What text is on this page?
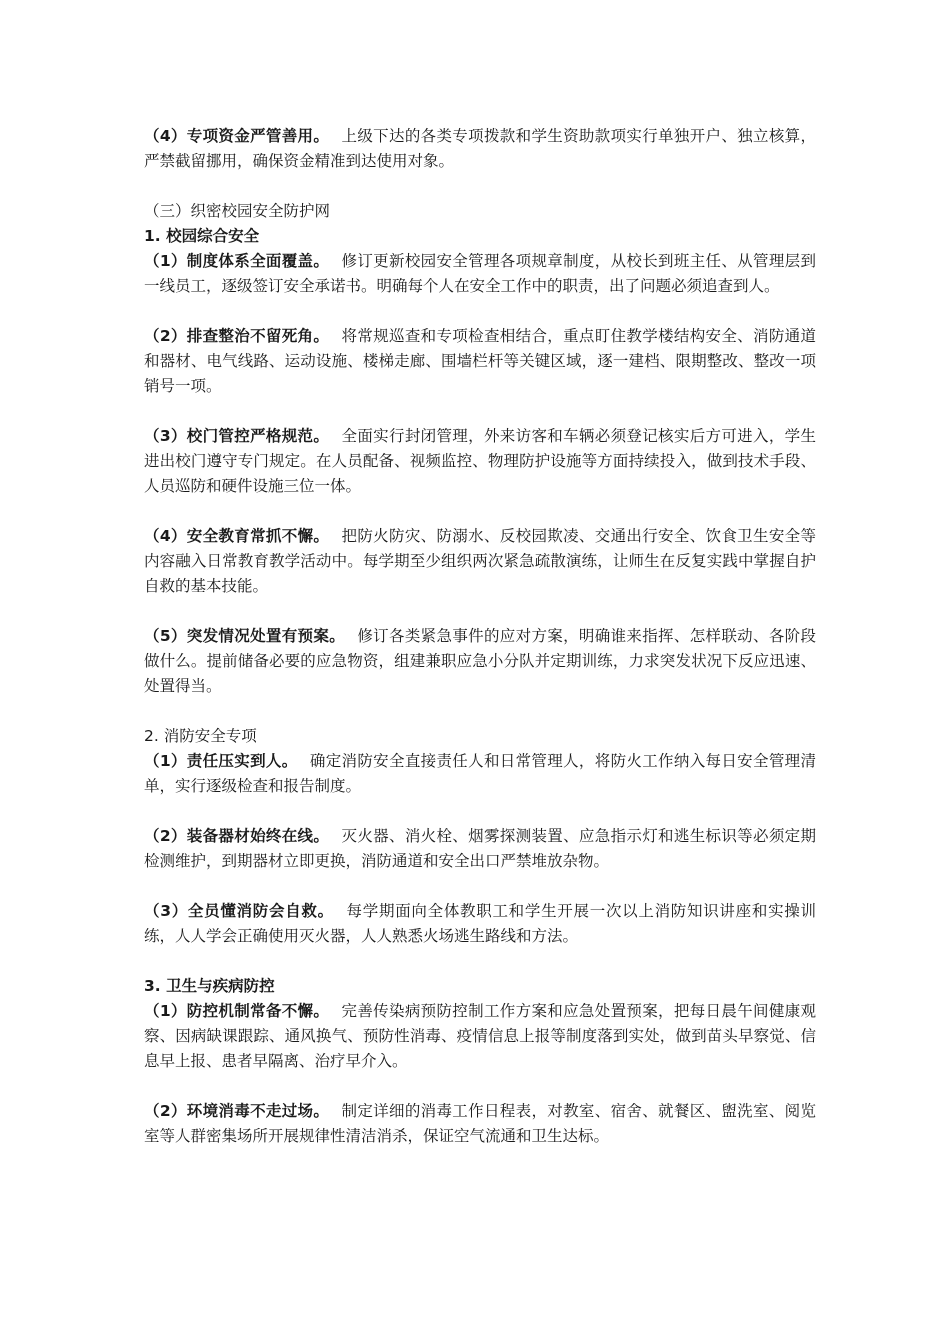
（4）专项资金严管善用。 上级下达的各类专项拨款和学生资助款项实行单独开户、独立核算，严禁截留挪用，确保资金精准到达使用对象。

（三）织密校园安全防护网

1. 校园综合安全

（1）制度体系全面覆盖。 修订更新校园安全管理各项规章制度，从校长到班主任、从管理层到一线员工，逐级签订安全承诺书。明确每个人在安全工作中的职责，出了问题必须追查到人。

（2）排查整治不留死角。 将常规巡查和专项检查相结合，重点盯住教学楼结构安全、消防通道和器材、电气线路、运动设施、楼梯走廊、围墙栏杆等关键区域，逐一建档、限期整改、整改一项销号一项。

（3）校门管控严格规范。 全面实行封闭管理，外来访客和车辆必须登记核实后方可进入，学生进出校门遵守专门规定。在人员配备、视频监控、物理防护设施等方面持续投入，做到技术手段、人员巡防和硬件设施三位一体。

（4）安全教育常抓不懈。 把防火防灾、防溺水、反校园欺凌、交通出行安全、饮食卫生安全等内容融入日常教育教学活动中。每学期至少组织两次紧急疏散演练，让师生在反复实践中掌握自护自救的基本技能。

（5）突发情况处置有预案。 修订各类紧急事件的应对方案，明确谁来指挥、怎样联动、各阶段做什么。提前储备必要的应急物资，组建兼职应急小分队并定期训练，力求突发状况下反应迅速、处置得当。

2. 消防安全专项

（1）责任压实到人。 确定消防安全直接责任人和日常管理人，将防火工作纳入每日安全管理清单，实行逐级检查和报告制度。

（2）装备器材始终在线。 灭火器、消火栓、烟雾探测装置、应急指示灯和逃生标识等必须定期检测维护，到期器材立即更换，消防通道和安全出口严禁堆放杂物。

（3）全员懂消防会自救。 每学期面向全体教职工和学生开展一次以上消防知识讲座和实操训练，人人学会正确使用灭火器，人人熟悉火场逃生路线和方法。

3. 卫生与疾病防控

（1）防控机制常备不懈。 完善传染病预防控制工作方案和应急处置预案，把每日晨午间健康观察、因病缺课跟踪、通风换气、预防性消毒、疫情信息上报等制度落到实处，做到苗头早察觉、信息早上报、患者早隔离、治疗早介入。

（2）环境消毒不走过场。 制定详细的消毒工作日程表，对教室、宿舍、就餐区、盥洗室、阅览室等人群密集场所开展规律性清洁消杀，保证空气流通和卫生达标。
